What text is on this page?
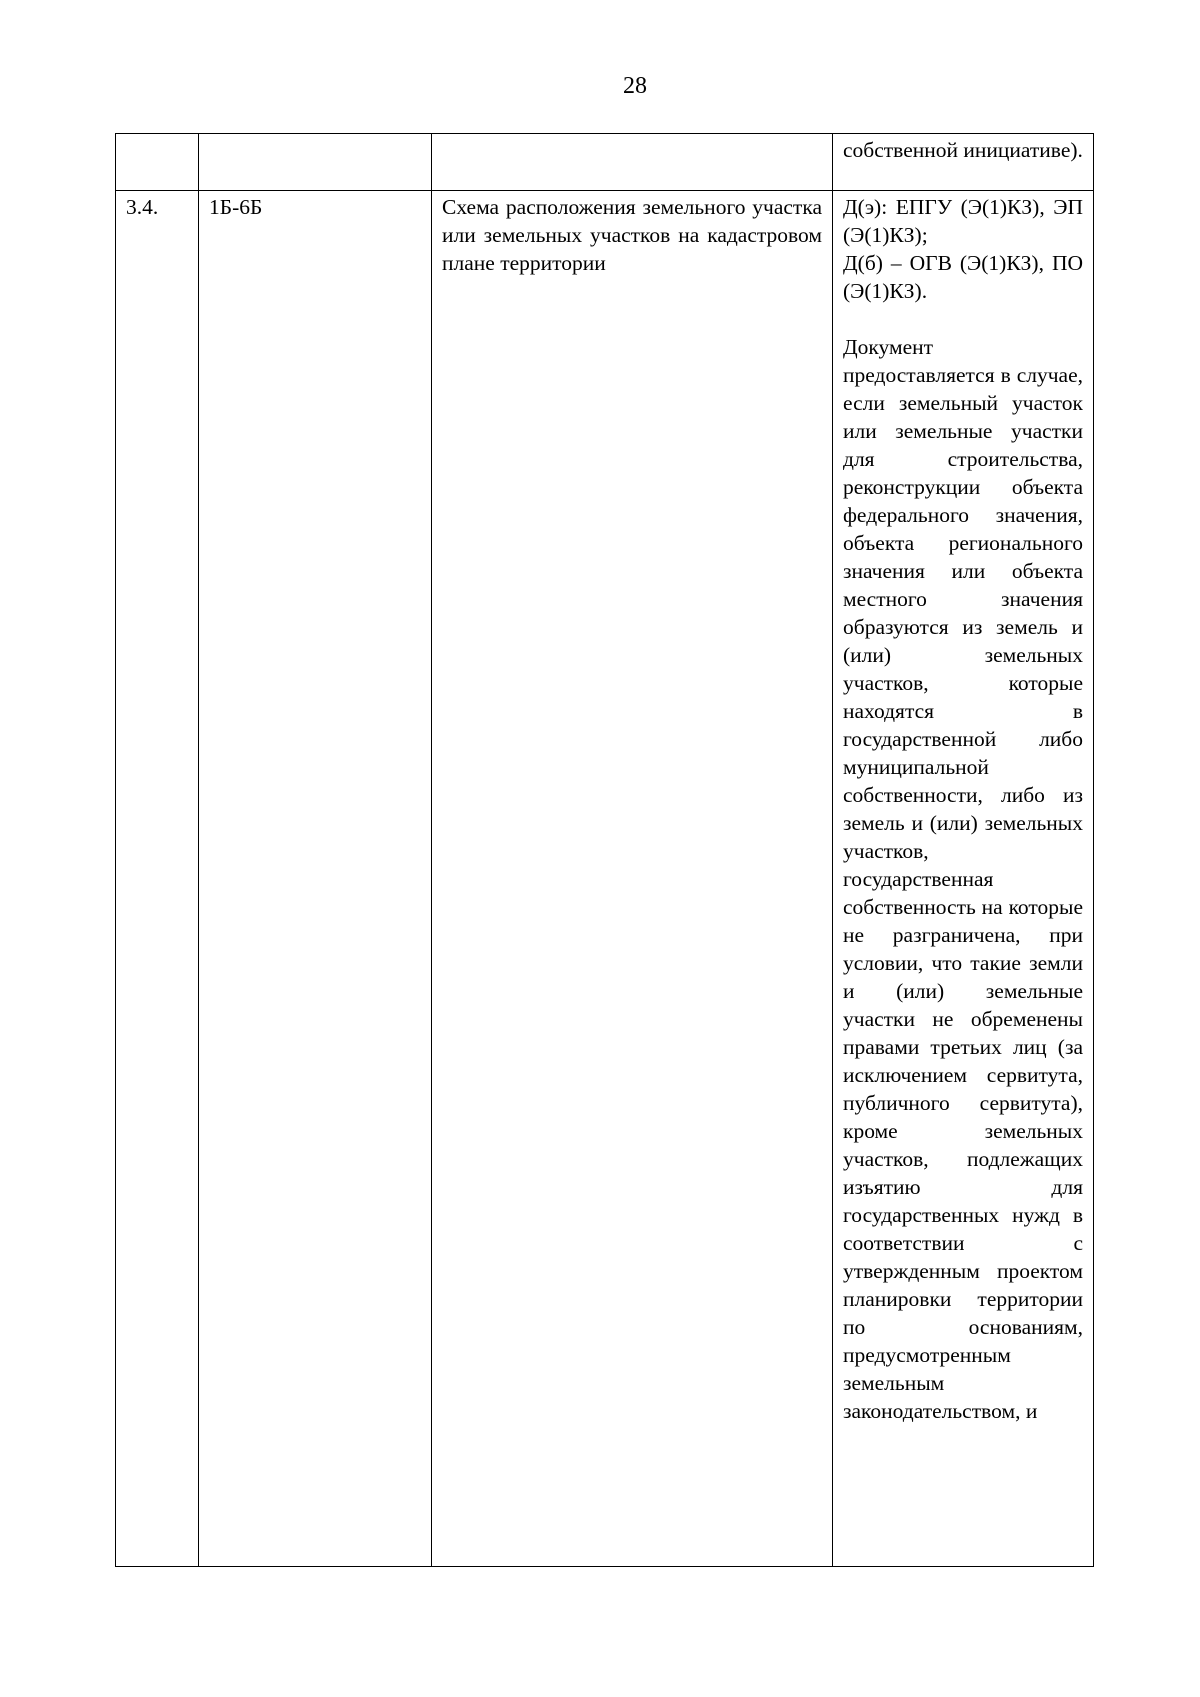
28
			собственной инициативе).
3.4.	1Б-6Б	Схема расположения земельного участка или земельных участков на кадастровом плане территории	Д(э): ЕПГУ (Э(1)КЗ), ЭП (Э(1)КЗ);
Д(б) – ОГВ (Э(1)КЗ), ПО (Э(1)КЗ).
Документ предоставляется в случае, если земельный участок или земельные участки для строительства, реконструкции объекта федерального значения, объекта регионального значения или объекта местного значения образуются из земель и (или) земельных участков, которые находятся в государственной либо муниципальной собственности, либо из земель и (или) земельных участков, государственная собственность на которые не разграничена, при условии, что такие земли и (или) земельные участки не обременены правами третьих лиц (за исключением сервитута, публичного сервитута), кроме земельных участков, подлежащих изъятию для государственных нужд в соответствии с утвержденным проектом планировки территории по основаниям, предусмотренным земельным законодательством, и
